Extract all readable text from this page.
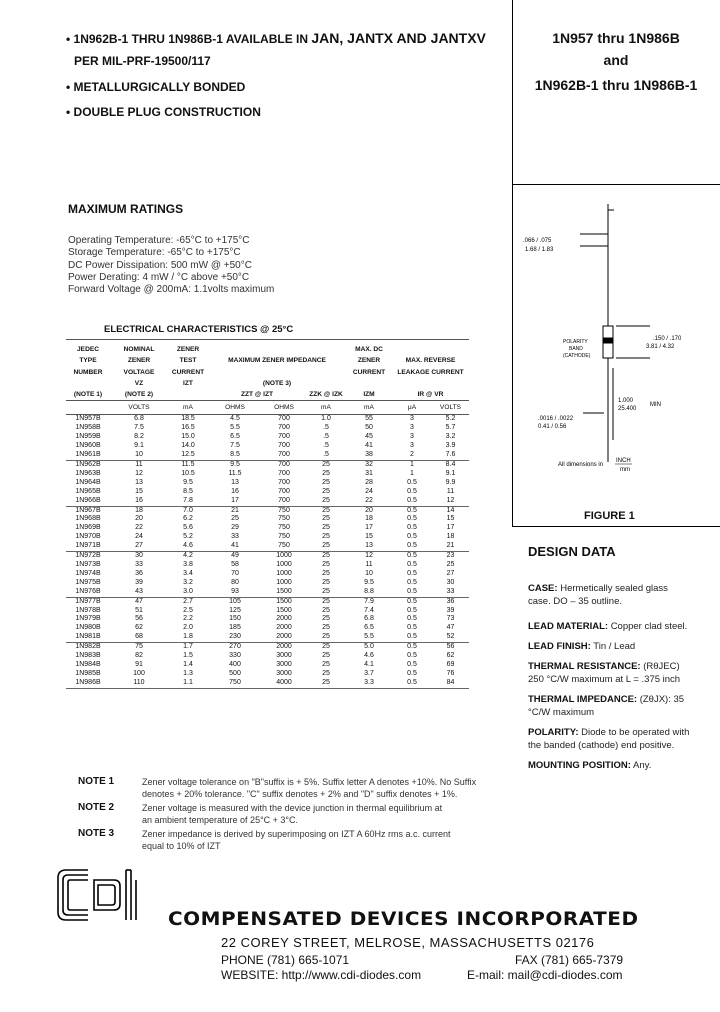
• 1N962B-1 THRU 1N986B-1 AVAILABLE IN JAN, JANTX AND JANTXV
PER MIL-PRF-19500/117
• METALLURGICALLY BONDED
• DOUBLE PLUG CONSTRUCTION
1N957 thru 1N986B
and
1N962B-1 thru 1N986B-1
MAXIMUM RATINGS
Operating Temperature: -65°C to +175°C
Storage Temperature: -65°C to +175°C
DC Power Dissipation: 500 mW @ +50°C
Power Derating: 4 mW / °C above +50°C
Forward Voltage @ 200mA: 1.1volts maximum
ELECTRICAL CHARACTERISTICS @ 25°C
JEDEC	NOMINAL	ZENER				MAX. DC		
TYPE	ZENER	TEST	MAXIMUM ZENER IMPEDANCE			ZENER	MAX. REVERSE	
NUMBER	VOLTAGE	CURRENT				CURRENT	LEAKAGE CURRENT	
	VZ	IZT	(NOTE 3)					
(NOTE 1)	(NOTE 2)		ZZT @ IZT		ZZK @ IZK	IZM	IR @ VR	
	VOLTS	mA	OHMS	OHMS	mA	mA	μA	VOLTS
1N957B	6.8	18.5	4.5	700	1.0	55	3	5.2
1N958B	7.5	16.5	5.5	700	.5	50	3	5.7
1N959B	8.2	15.0	6.5	700	.5	45	3	3.2
1N960B	9.1	14.0	7.5	700	.5	41	3	3.9
1N961B	10	12.5	8.5	700	.5	38	2	7.6
1N962B	11	11.5	9.5	700	25	32	1	8.4
1N963B	12	10.5	11.5	700	25	31	1	9.1
1N964B	13	9.5	13	700	25	28	0.5	9.9
1N965B	15	8.5	16	700	25	24	0.5	11
1N966B	16	7.8	17	700	25	22	0.5	12
1N967B	18	7.0	21	750	25	20	0.5	14
1N968B	20	6.2	25	750	25	18	0.5	15
1N969B	22	5.6	29	750	25	17	0.5	17
1N970B	24	5.2	33	750	25	15	0.5	18
1N971B	27	4.6	41	750	25	13	0.5	21
1N972B	30	4.2	49	1000	25	12	0.5	23
1N973B	33	3.8	58	1000	25	11	0.5	25
1N974B	36	3.4	70	1000	25	10	0.5	27
1N975B	39	3.2	80	1000	25	9.5	0.5	30
1N976B	43	3.0	93	1500	25	8.8	0.5	33
1N977B	47	2.7	105	1500	25	7.9	0.5	36
1N978B	51	2.5	125	1500	25	7.4	0.5	39
1N979B	56	2.2	150	2000	25	6.8	0.5	73
1N980B	62	2.0	185	2000	25	6.5	0.5	47
1N981B	68	1.8	230	2000	25	5.5	0.5	52
1N982B	75	1.7	270	2000	25	5.0	0.5	56
1N983B	82	1.5	330	3000	25	4.6	0.5	62
1N984B	91	1.4	400	3000	25	4.1	0.5	69
1N985B	100	1.3	500	3000	25	3.7	0.5	76
1N986B	110	1.1	750	4000	25	3.3	0.5	84
NOTE 1	Zener voltage tolerance on "B"suffix is + 5%. Suffix letter A denotes +10%. No Suffix
denotes + 20% tolerance. "C" suffix denotes + 2% and "D" suffix denotes + 1%.
NOTE 2	Zener voltage is measured with the device junction in thermal equilibrium at
an ambient temperature of 25°C + 3°C.
NOTE 3	Zener impedance is derived by superimposing on IZT A 60Hz rms a.c. current
equal to 10% of IZT
.066 / .075
1.68 / 1.83
.150 / .170
3.81 / 4.32
POLARITY
BAND
(CATHODE)
1.000
25.400
MIN
.0016 / .0022
0.41 / 0.56
All dimensions in
INCH
mm
FIGURE 1
DESIGN DATA
CASE: Hermetically sealed glass
case. DO – 35 outline.
LEAD MATERIAL: Copper clad steel.
LEAD FINISH: Tin / Lead
THERMAL RESISTANCE: (RθJEC)
250 °C/W maximum at L = .375 inch
THERMAL IMPEDANCE: (ZθJX): 35
°C/W maximum
POLARITY: Diode to be operated with
the banded (cathode) end positive.
MOUNTING POSITION: Any.
COMPENSATED DEVICES INCORPORATED
22 COREY STREET, MELROSE, MASSACHUSETTS 02176
PHONE (781) 665-1071	FAX (781) 665-7379
WEBSITE: http://www.cdi-diodes.com	E-mail: mail@cdi-diodes.com
